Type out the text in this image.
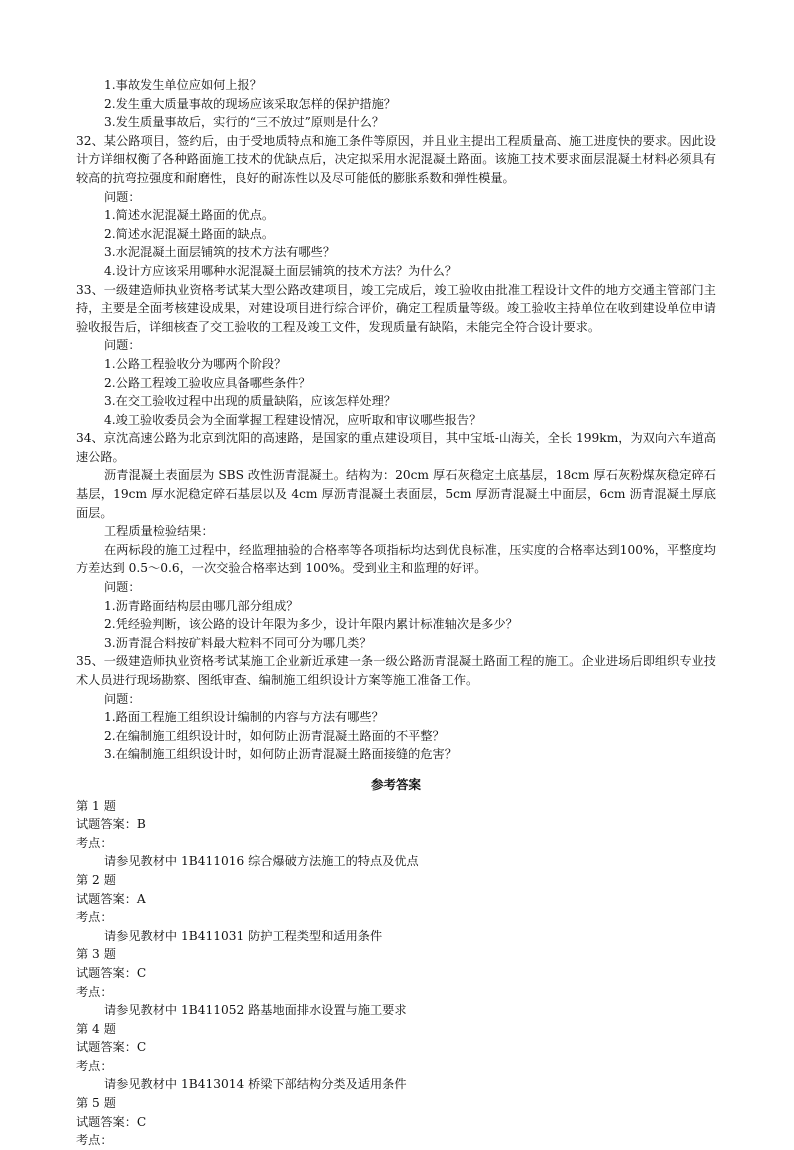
1.事故发生单位应如何上报？

2.发生重大质量事故的现场应该采取怎样的保护措施？

3.发生质量事故后，实行的“三不放过”原则是什么？

32、某公路项目，签约后，由于受地质特点和施工条件等原因，并且业主提出工程质量高、施工进度快的要求。因此设计方详细权衡了各种路面施工技术的优缺点后，决定拟采用水泥混凝土路面。该施工技术要求面层混凝土材料必须具有较高的抗弯拉强度和耐磨性，良好的耐冻性以及尽可能低的膨胀系数和弹性模量。

问题：

1.简述水泥混凝土路面的优点。

2.简述水泥混凝土路面的缺点。

3.水泥混凝土面层铺筑的技术方法有哪些？

4.设计方应该采用哪种水泥混凝土面层铺筑的技术方法？为什么？

33、一级建造师执业资格考试某大型公路改建项目，竣工完成后，竣工验收由批准工程设计文件的地方交通主管部门主持，主要是全面考核建设成果，对建设项目进行综合评价，确定工程质量等级。竣工验收主持单位在收到建设单位申请验收报告后，详细核查了交工验收的工程及竣工文件，发现质量有缺陷，未能完全符合设计要求。

问题：

1.公路工程验收分为哪两个阶段？

2.公路工程竣工验收应具备哪些条件？

3.在交工验收过程中出现的质量缺陷，应该怎样处理？

4.竣工验收委员会为全面掌握工程建设情况，应听取和审议哪些报告？

34、京沈高速公路为北京到沈阳的高速路，是国家的重点建设项目，其中宝坻-山海关，全长 199km，为双向六车道高速公路。

沥青混凝土表面层为 SBS 改性沥青混凝土。结构为：20cm 厚石灰稳定土底基层，18cm 厚石灰粉煤灰稳定碎石基层，19cm 厚水泥稳定碎石基层以及 4cm 厚沥青混凝土表面层，5cm 厚沥青混凝土中面层，6cm 沥青混凝土厚底面层。

工程质量检验结果：

在两标段的施工过程中，经监理抽验的合格率等各项指标均达到优良标准，压实度的合格率达到100%，平整度均方差达到 0.5～0.6，一次交验合格率达到 100%。受到业主和监理的好评。

问题：

1.沥青路面结构层由哪几部分组成？

2.凭经验判断，该公路的设计年限为多少，设计年限内累计标准轴次是多少？

3.沥青混合料按矿料最大粒料不同可分为哪几类？

35、一级建造师执业资格考试某施工企业新近承建一条一级公路沥青混凝土路面工程的施工。企业进场后即组织专业技术人员进行现场勘察、图纸审查、编制施工组织设计方案等施工准备工作。

问题：

1.路面工程施工组织设计编制的内容与方法有哪些？

2.在编制施工组织设计时，如何防止沥青混凝土路面的不平整？

3.在编制施工组织设计时，如何防止沥青混凝土路面接缝的危害？

参考答案

第 1 题

试题答案：B

考点：

请参见教材中 1B411016 综合爆破方法施工的特点及优点

第 2 题

试题答案：A

考点：

请参见教材中 1B411031 防护工程类型和适用条件

第 3 题

试题答案：C

考点：

请参见教材中 1B411052 路基地面排水设置与施工要求

第 4 题

试题答案：C

考点：

请参见教材中 1B413014 桥梁下部结构分类及适用条件

第 5 题

试题答案：C

考点：
